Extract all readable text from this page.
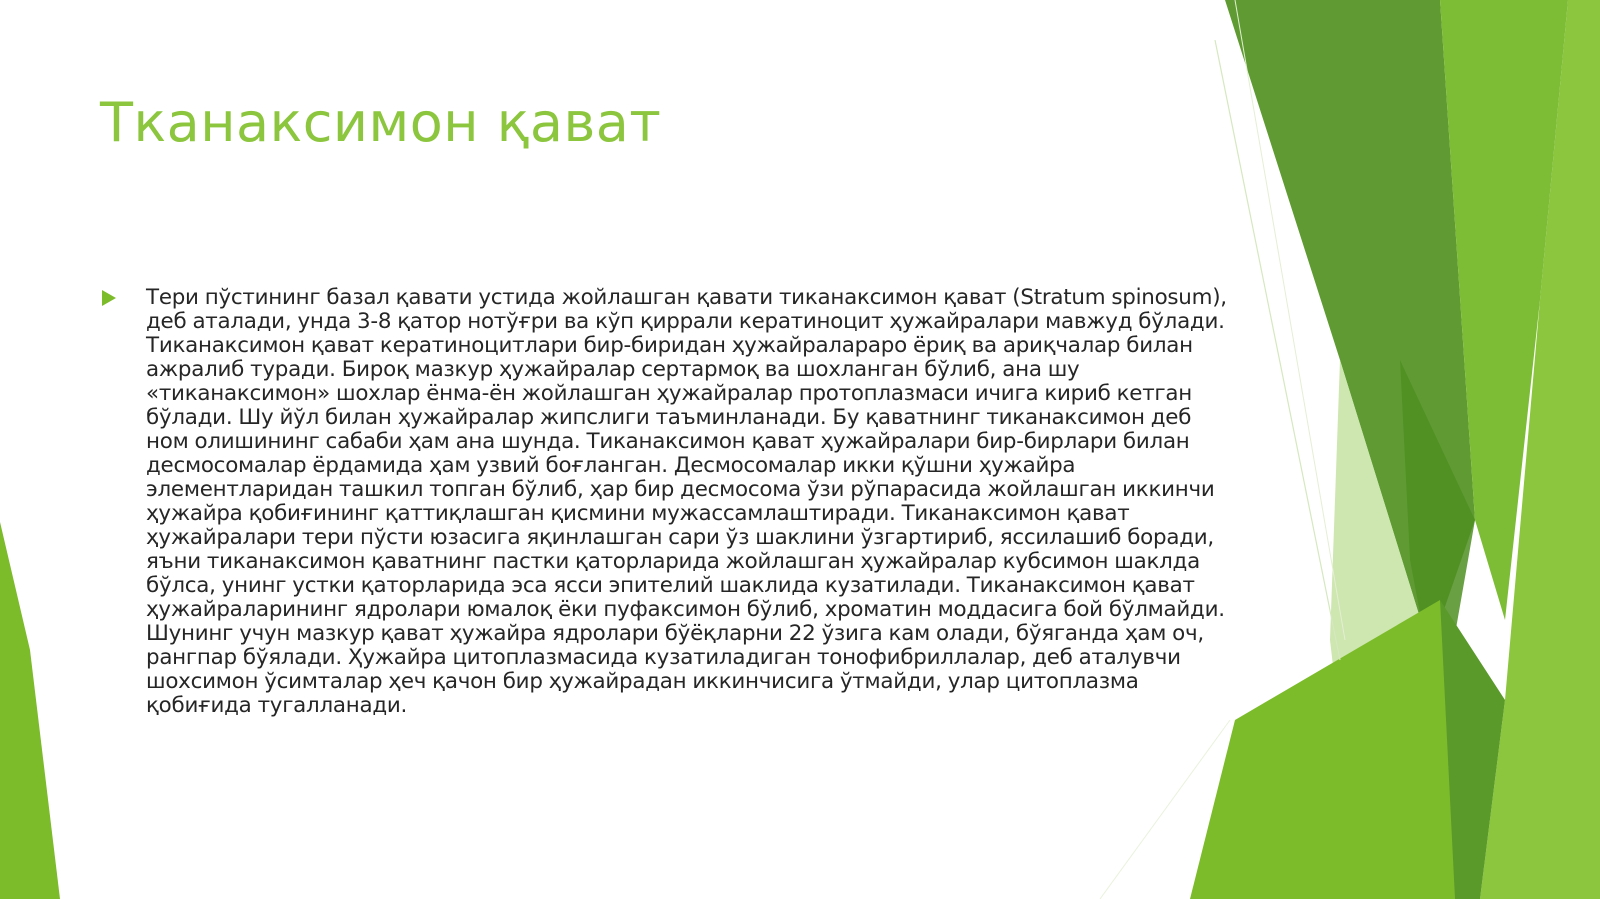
Тканаксимон қават

Тери пўстининг базал қавати устида жойлашган қавати тиканаксимон қават (Stratum spinosum), деб аталади, унда 3-8 қатор нотўғри ва кўп қиррали кератиноцит ҳужайралари мавжуд бўлади. Тиканаксимон қават кератиноцитлари бир-биридан ҳужайралараро ёриқ ва ариқчалар билан ажралиб туради. Бироқ мазкур ҳужайралар сертармоқ ва шохланган бўлиб, ана шу «тиканаксимон» шохлар ёнма-ён жойлашган ҳужайралар протоплазмаси ичига кириб кетган бўлади. Шу йўл билан ҳужайралар жипслиги таъминланади. Бу қаватнинг тиканаксимон деб ном олишининг сабаби ҳам ана шунда. Тиканаксимон қават ҳужайралари бир-бирлари билан десмосомалар ёрдамида ҳам узвий боғланган. Десмосомалар икки қўшни ҳужайра элементларидан ташкил топган бўлиб, ҳар бир десмосома ўзи рўпарасида жойлашган иккинчи ҳужайра қобиғининг қаттиқлашган қисмини мужассамлаштиради. Тиканаксимон қават ҳужайралари тери пўсти юзасига яқинлашган сари ўз шаклини ўзгартириб, яссилашиб боради, яъни тиканаксимон қаватнинг пастки қаторларида жойлашган ҳужайралар кубсимон шаклда бўлса, унинг устки қаторларида эса ясси эпителий шаклида кузатилади. Тиканаксимон қават ҳужайраларининг ядролари юмалоқ ёки пуфаксимон бўлиб, хроматин моддасига бой бўлмайди. Шунинг учун мазкур қават ҳужайра ядролари бўёқларни 22 ўзига кам олади, бўяганда ҳам оч, рангпар бўялади. Ҳужайра цитоплазмасида кузатиладиган тонофибриллалар, деб аталувчи шохсимон ўсимталар ҳеч қачон бир ҳужайрадан иккинчисига ўтмайди, улар цитоплазма қобиғида тугалланади.
